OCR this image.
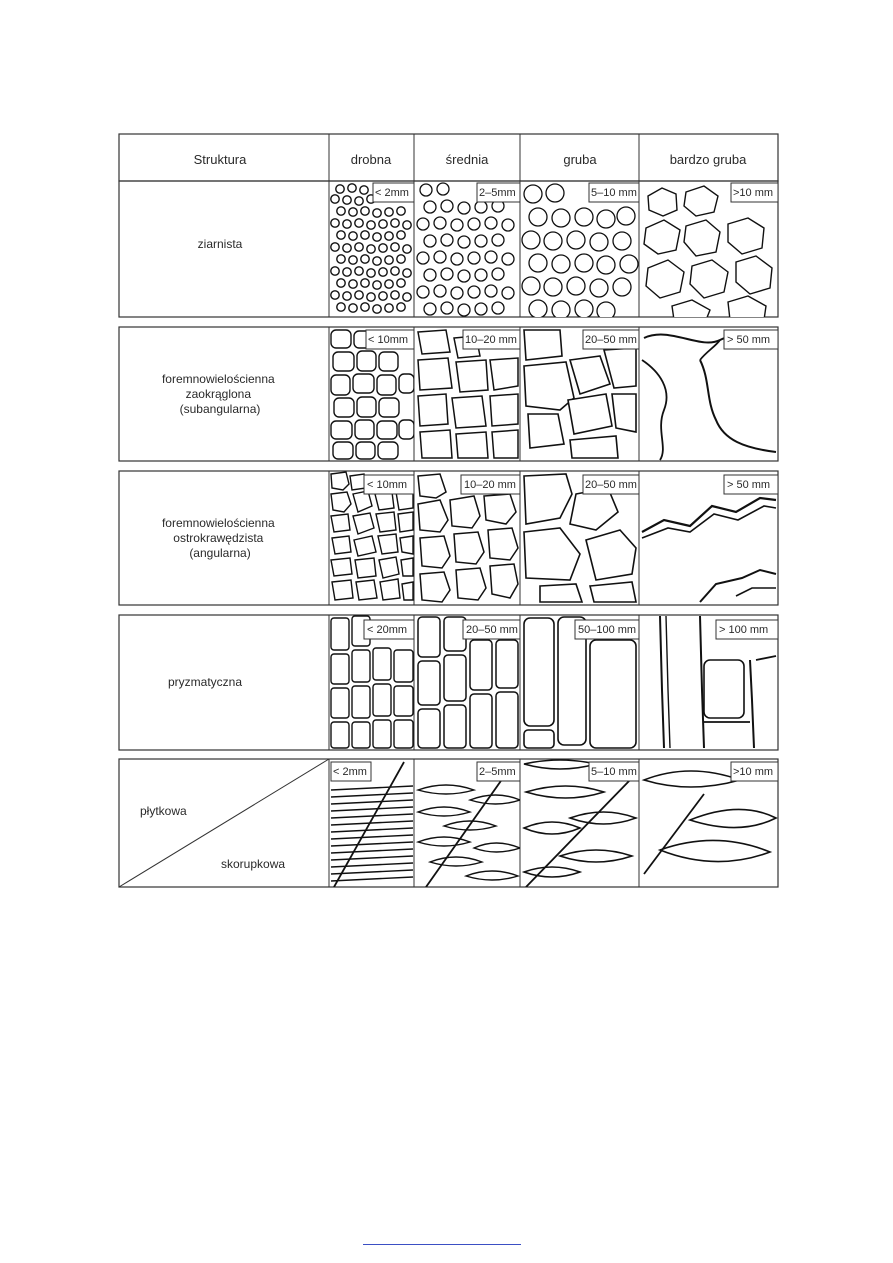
Struktura	drobna	średnia	gruba	bardzo gruba
ziarnista
< 2mm	2–5mm	5–10 mm	>10 mm
foremnowielościenna zaokrąglona (subangularna)
< 10mm	10–20 mm	20–50 mm	> 50 mm
foremnowielościenna ostrokrawędzista (angularna)
< 10mm	10–20 mm	20–50 mm	> 50 mm
pryzmatyczna
< 20mm	20–50 mm	50–100 mm	> 100 mm
płytkowa
skorupkowa
< 2mm	2–5mm	5–10 mm	>10 mm
